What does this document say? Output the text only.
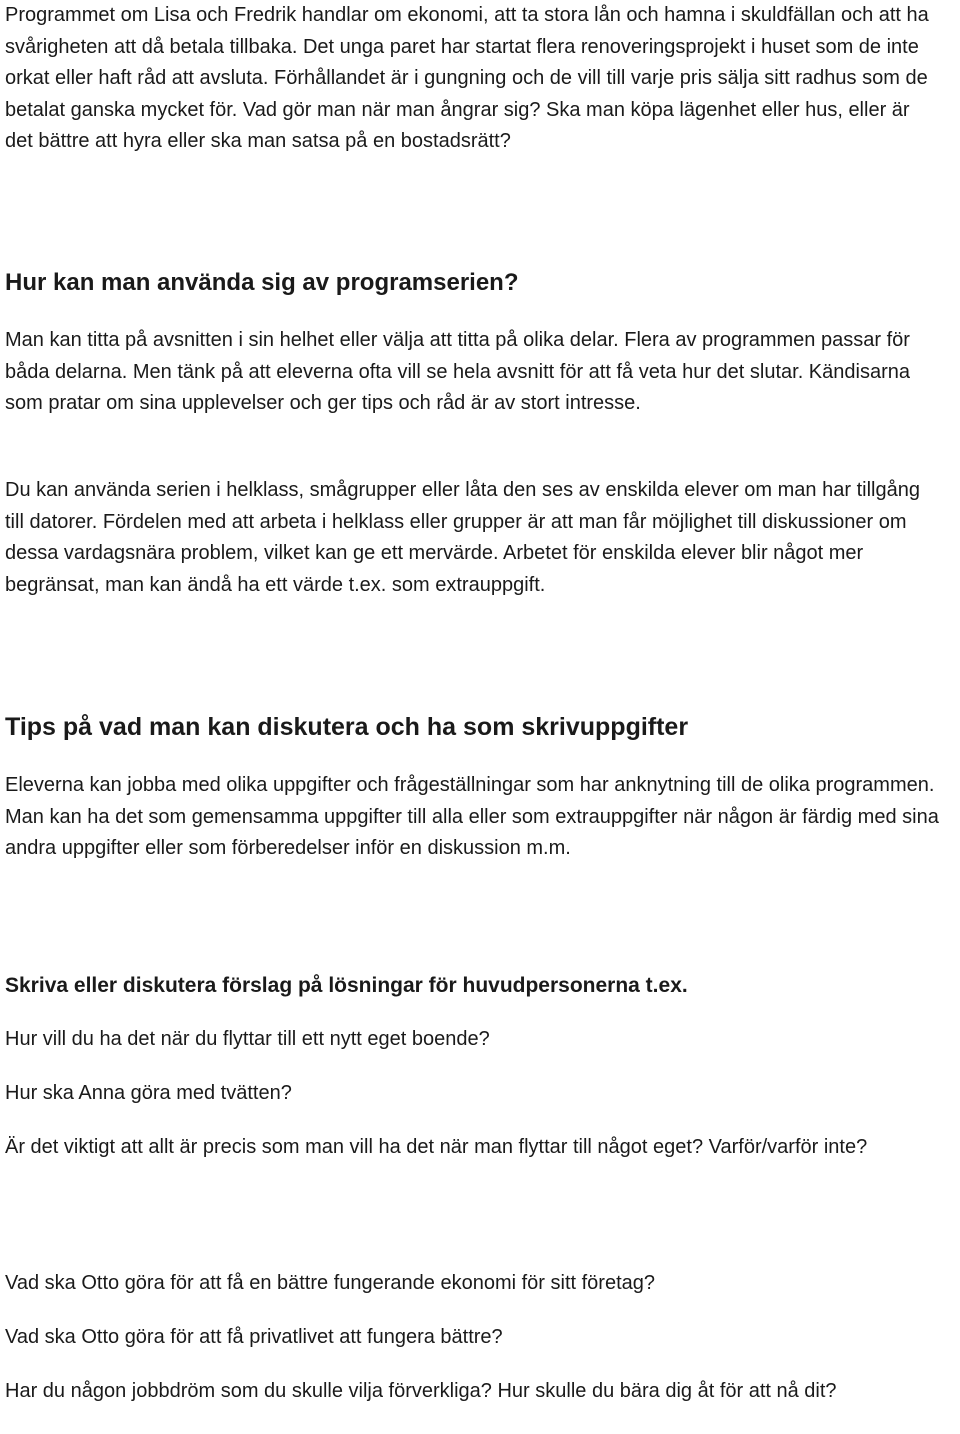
Programmet om Lisa och Fredrik handlar om ekonomi, att ta stora lån och hamna i skuldfällan och att ha svårigheten att då betala tillbaka. Det unga paret har startat flera renoveringsprojekt i huset som de inte orkat eller haft råd att avsluta. Förhållandet är i gungning och de vill till varje pris sälja sitt radhus som de betalat ganska mycket för. Vad gör man när man ångrar sig? Ska man köpa lägenhet eller hus, eller är det bättre att hyra eller ska man satsa på en bostadsrätt?

Hur kan man använda sig av programserien?

Man kan titta på avsnitten i sin helhet eller välja att titta på olika delar. Flera av programmen passar för båda delarna. Men tänk på att eleverna ofta vill se hela avsnitt för att få veta hur det slutar. Kändisarna som pratar om sina upplevelser och ger tips och råd är av stort intresse.

Du kan använda serien i helklass, smågrupper eller låta den ses av enskilda elever om man har tillgång till datorer. Fördelen med att arbeta i helklass eller grupper är att man får möjlighet till diskussioner om dessa vardagsnära problem, vilket kan ge ett mervärde. Arbetet för enskilda elever blir något mer begränsat, man kan ändå ha ett värde t.ex. som extrauppgift.

Tips på vad man kan diskutera och ha som skrivuppgifter

Eleverna kan jobba med olika uppgifter och frågeställningar som har anknytning till de olika programmen. Man kan ha det som gemensamma uppgifter till alla eller som extrauppgifter när någon är färdig med sina andra uppgifter eller som förberedelser inför en diskussion m.m.

Skriva eller diskutera förslag på lösningar för huvudpersonerna t.ex.

Hur vill du ha det när du flyttar till ett nytt eget boende?

Hur ska Anna göra med tvätten?

Är det viktigt att allt är precis som man vill ha det när man flyttar till något eget? Varför/varför inte?

Vad ska Otto göra för att få en bättre fungerande ekonomi för sitt företag?

Vad ska Otto göra för att få privatlivet att fungera bättre?

Har du någon jobbdröm som du skulle vilja förverkliga? Hur skulle du bära dig åt för att nå dit?
